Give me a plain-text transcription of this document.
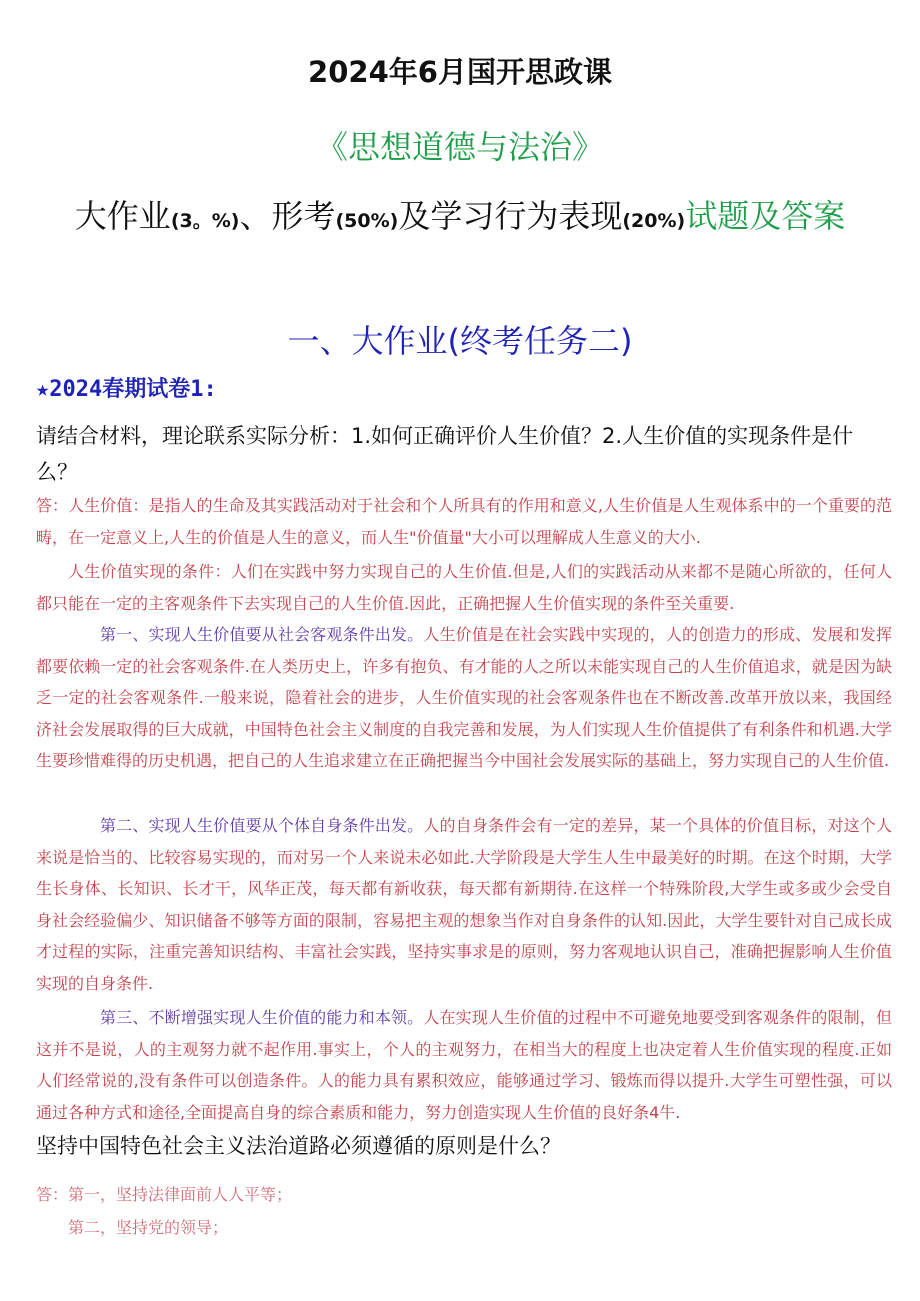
2024年6月国开思政课
《思想道德与法治》
大作业(3。%)、形考(50%)及学习行为表现(20%)试题及答案
一、大作业(终考任务二)
★2024春期试卷1:
请结合材料，理论联系实际分析：1.如何正确评价人生价值？2.人生价值的实现条件是什么？
答：人生价值：是指人的生命及其实践活动对于社会和个人所具有的作用和意义,人生价值是人生观体系中的一个重要的范畴，在一定意义上,人生的价值是人生的意义，而人生"价值量"大小可以理解成人生意义的大小.
人生价值实现的条件：人们在实践中努力实现自己的人生价值.但是,人们的实践活动从来都不是随心所欲的，任何人都只能在一定的主客观条件下去实现自己的人生价值.因此，正确把握人生价值实现的条件至关重要.
第一、实现人生价值要从社会客观条件出发。人生价值是在社会实践中实现的，人的创造力的形成、发展和发挥都要依赖一定的社会客观条件.在人类历史上，许多有抱负、有才能的人之所以未能实现自己的人生价值追求，就是因为缺乏一定的社会客观条件.一般来说，隐着社会的进步，人生价值实现的社会客观条件也在不断改善.改革开放以来，我国经济社会发展取得的巨大成就，中国特色社会主义制度的自我完善和发展，为人们实现人生价值提供了有利条件和机遇.大学生要珍惜难得的历史机遇，把自己的人生追求建立在正确把握当今中国社会发展实际的基础上，努力实现自己的人生价值.
第二、实现人生价值要从个体自身条件出发。人的自身条件会有一定的差异，某一个具体的价值目标，对这个人来说是恰当的、比较容易实现的，而对另一个人来说未必如此.大学阶段是大学生人生中最美好的时期。在这个时期，大学生长身体、长知识、长才干，风华正茂，每天都有新收获，每天都有新期待.在这样一个特殊阶段,大学生或多或少会受自身社会经验偏少、知识储备不够等方面的限制，容易把主观的想象当作对自身条件的认知.因此，大学生要针对自己成长成才过程的实际，注重完善知识结构、丰富社会实践，坚持实事求是的原则，努力客观地认识自己，准确把握影响人生价值实现的自身条件.
第三、不断增强实现人生价值的能力和本领。人在实现人生价值的过程中不可避免地要受到客观条件的限制，但这并不是说，人的主观努力就不起作用.事实上，个人的主观努力，在相当大的程度上也决定着人生价值实现的程度.正如人们经常说的,没有条件可以创造条件。人的能力具有累积效应，能够通过学习、锻炼而得以提升.大学生可塑性强，可以通过各种方式和途径,全面提高自身的综合素质和能力，努力创造实现人生价值的良好条4牛.
坚持中国特色社会主义法治道路必须遵循的原则是什么？
答：第一，坚持法律面前人人平等；
第二，坚持党的领导；
